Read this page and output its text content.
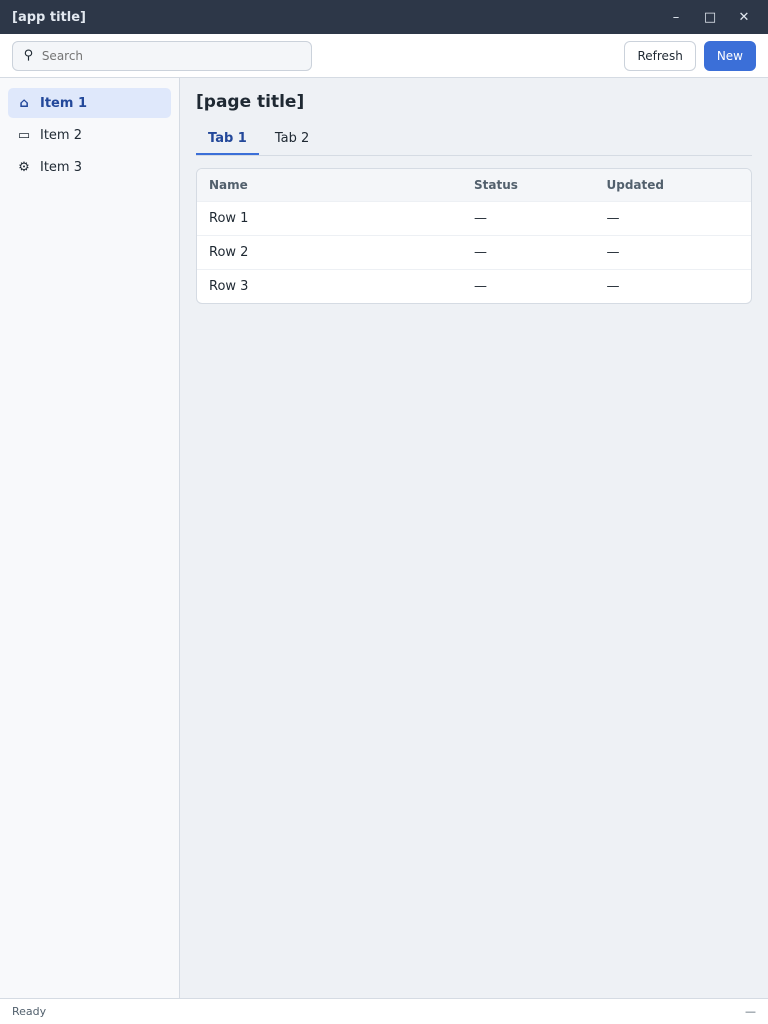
[app title]	–	□	✕
⚲
Search	Refresh	New
⌂ Item 1
▭ Item 2
⚙ Item 3
[page title]
Tab 1	Tab 2
Name	Status	Updated
Row 1	—	—
Row 2	—	—
Row 3	—	—
Ready	—
